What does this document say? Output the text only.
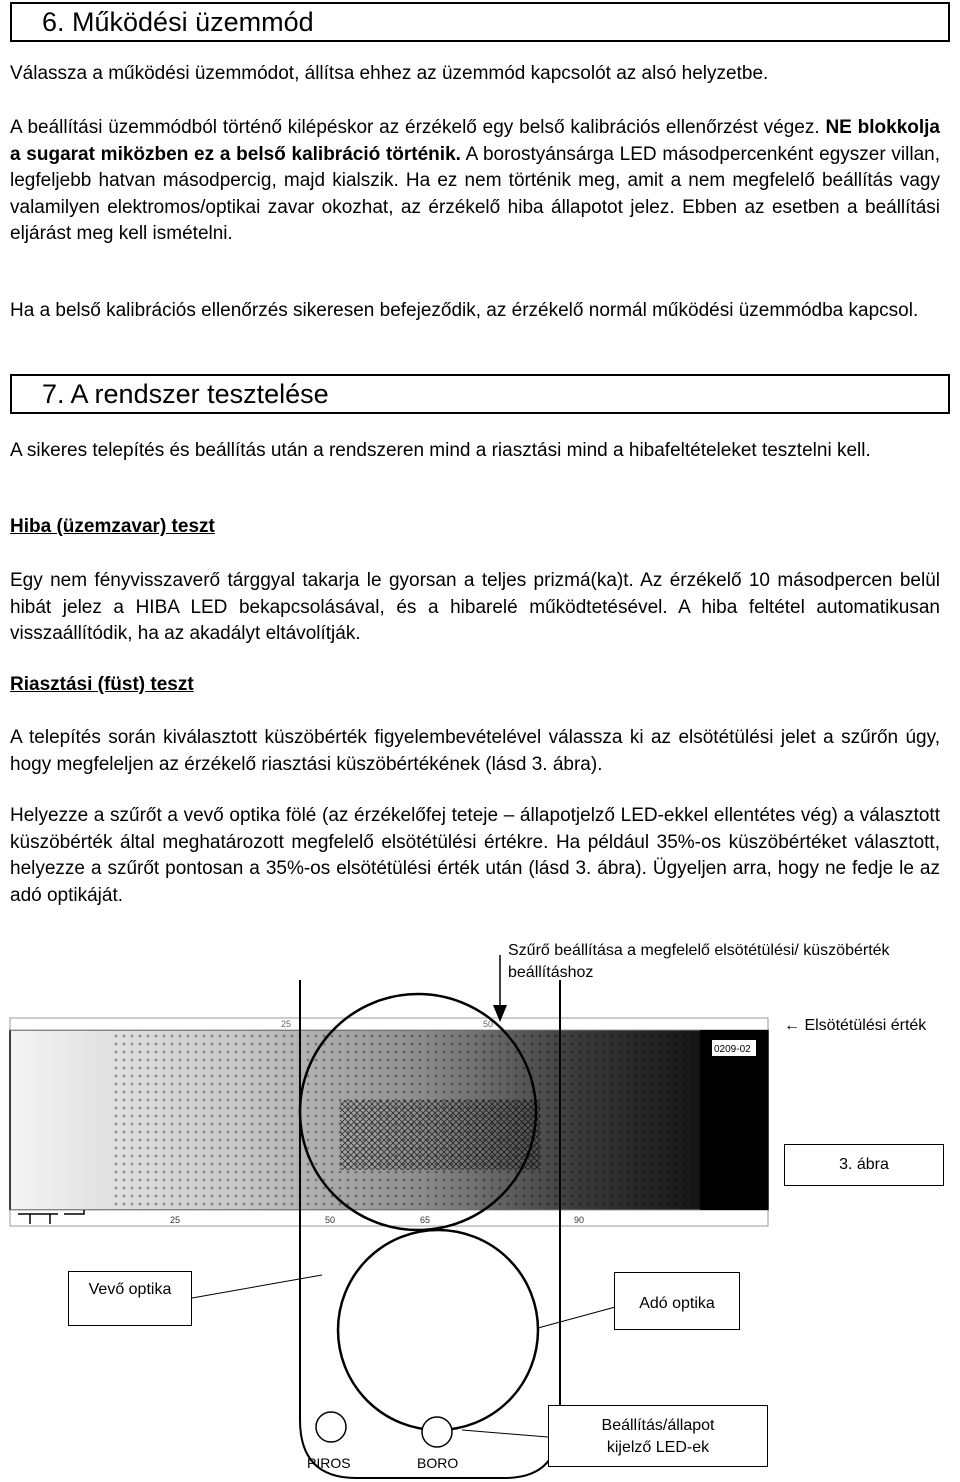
6. Működési üzemmód
Válassza a működési üzemmódot, állítsa ehhez az üzemmód kapcsolót az alsó helyzetbe.
A beállítási üzemmódból történő kilépéskor az érzékelő egy belső kalibrációs ellenőrzést végez. NE blokkolja a sugarat miközben ez a belső kalibráció történik. A borostyánsárga LED másodpercenként egyszer villan, legfeljebb hatvan másodpercig, majd kialszik. Ha ez nem történik meg, amit a nem megfelelő beállítás vagy valamilyen elektromos/optikai zavar okozhat, az érzékelő hiba állapotot jelez. Ebben az esetben a beállítási eljárást meg kell ismételni.
Ha a belső kalibrációs ellenőrzés sikeresen befejeződik, az érzékelő normál működési üzemmódba kapcsol.
7. A rendszer tesztelése
A sikeres telepítés és beállítás után a rendszeren mind a riasztási mind a hibafeltételeket tesztelni kell.
Hiba (üzemzavar) teszt
Egy nem fényvisszaverő tárggyal takarja le gyorsan a teljes prizmá(ka)t. Az érzékelő 10 másodpercen belül hibát jelez a HIBA LED bekapcsolásával, és a hibarelé működtetésével. A hiba feltétel automatikusan visszaállítódik, ha az akadályt eltávolítják.
Riasztási (füst) teszt
A telepítés során kiválasztott küszöbérték figyelembevételével válassza ki az elsötétülési jelet a szűrőn úgy, hogy megfeleljen az érzékelő riasztási küszöbértékének (lásd 3. ábra).
Helyezze a szűrőt a vevő optika fölé (az érzékelőfej teteje – állapotjelző LED-ekkel ellentétes vég) a választott küszöbérték által meghatározott megfelelő elsötétülési értékre. Ha például 35%-os küszöbértéket választott, helyezze a szűrőt pontosan a 35%-os elsötétülési érték után (lásd 3. ábra). Ügyeljen arra, hogy ne fedje le az adó optikáját.
25	50
25	50	65	90
0209-02
Szűrő beállítása a megfelelő elsötétülési/ küszöbérték
beállításhoz
← Elsötétülési érték
3. ábra
Vevő optika
Adó optika
Beállítás/állapot
kijelző LED-ek
PIROS	BORO
